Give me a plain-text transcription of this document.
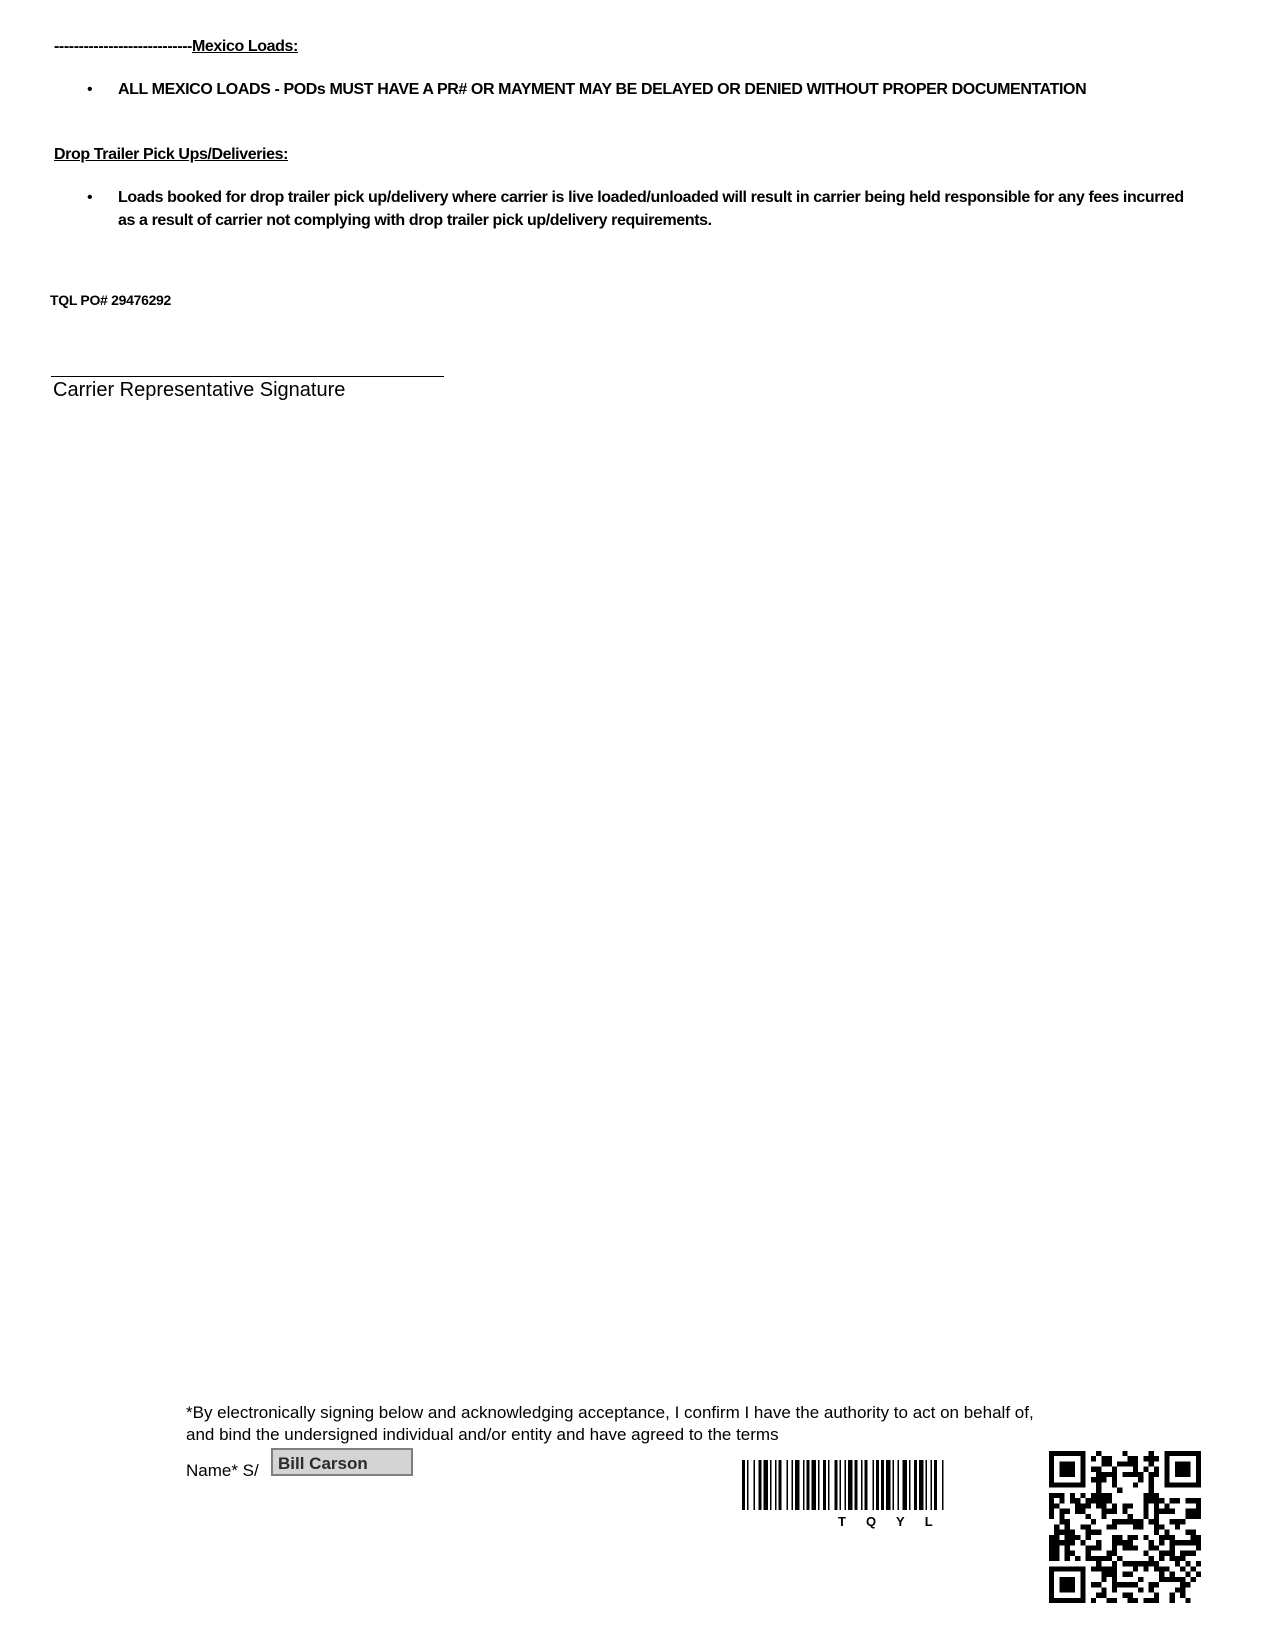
----------------------------Mexico Loads:
• ALL MEXICO LOADS - PODs MUST HAVE A PR# OR MAYMENT MAY BE DELAYED OR DENIED WITHOUT PROPER DOCUMENTATION
Drop Trailer Pick Ups/Deliveries:
• Loads booked for drop trailer pick up/delivery where carrier is live loaded/unloaded will result in carrier being held responsible for any fees incurred as a result of carrier not complying with drop trailer pick up/delivery requirements.
TQL PO# 29476292
Carrier Representative Signature
*By electronically signing below and acknowledging acceptance, I confirm I have the authority to act on behalf of, and bind the undersigned individual and/or entity and have agreed to the terms
Name* S/	Bill Carson
TQYL
